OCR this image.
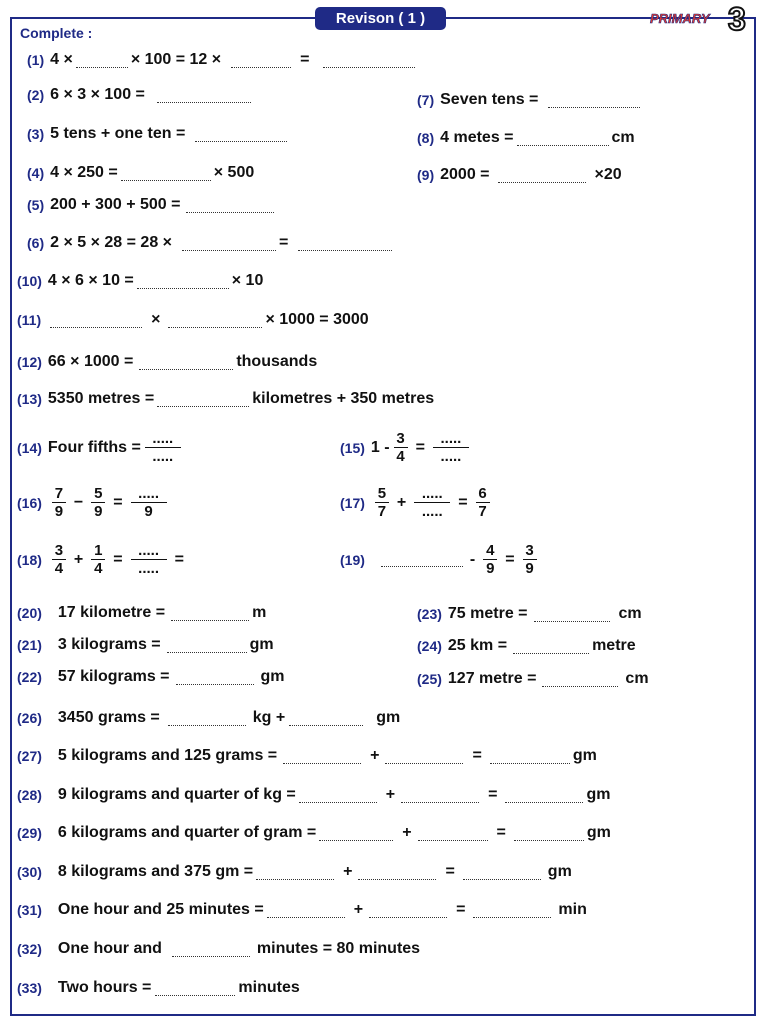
Revison ( 1 )	PRIMARY 3
Complete :
(1) 4 ×	× 100 = 12 ×	=
(2) 6 × 3 × 100 =	(7) Seven tens =
(3) 5 tens + one ten =	(8) 4 metes =	cm
(4) 4 × 250 =	× 500	(9) 2000 =	×20
(5) 200 + 300 + 500 =
(6) 2 × 5 × 28 = 28 ×	=
(10) 4 × 6 × 10 =	× 10
(11)	×	× 1000 = 3000
(12) 66 × 1000 =	thousands
(13) 5350 metres =	kilometres + 350 metres
(14) Four fifths = $\frac{.....}{.....}$	(15) $1 - \frac{3}{4} = \frac{.....}{.....}$
$(16) \frac{7}{9} - \frac{5}{9} = \frac{.....}{9}$	$(17) \frac{5}{7} + \frac{.....}{.....} = \frac{6}{7}$
$(18) \frac{3}{4} + \frac{1}{4} = \frac{.....}{.....}$ =	(19)	- $\frac{4}{9} = \frac{3}{9}$
(20) 17 kilometre =	m	(23) 75 metre =	cm
(21) 3 kilograms =	gm	(24) 25 km =	metre
(22) 57 kilograms =	gm	(25) 127 metre =	cm
(26) 3450 grams =	kg +	gm
(27) 5 kilograms and 125 grams =	+	=	gm
(28) 9 kilograms and quarter of kg =	+	=	gm
(29) 6 kilograms and quarter of gram =	+	=	gm
(30) 8 kilograms and 375 gm =	+	=	gm
(31) One hour and 25 minutes =	+	=	min
(32) One hour and	minutes = 80 minutes
(33) Two hours =	minutes
